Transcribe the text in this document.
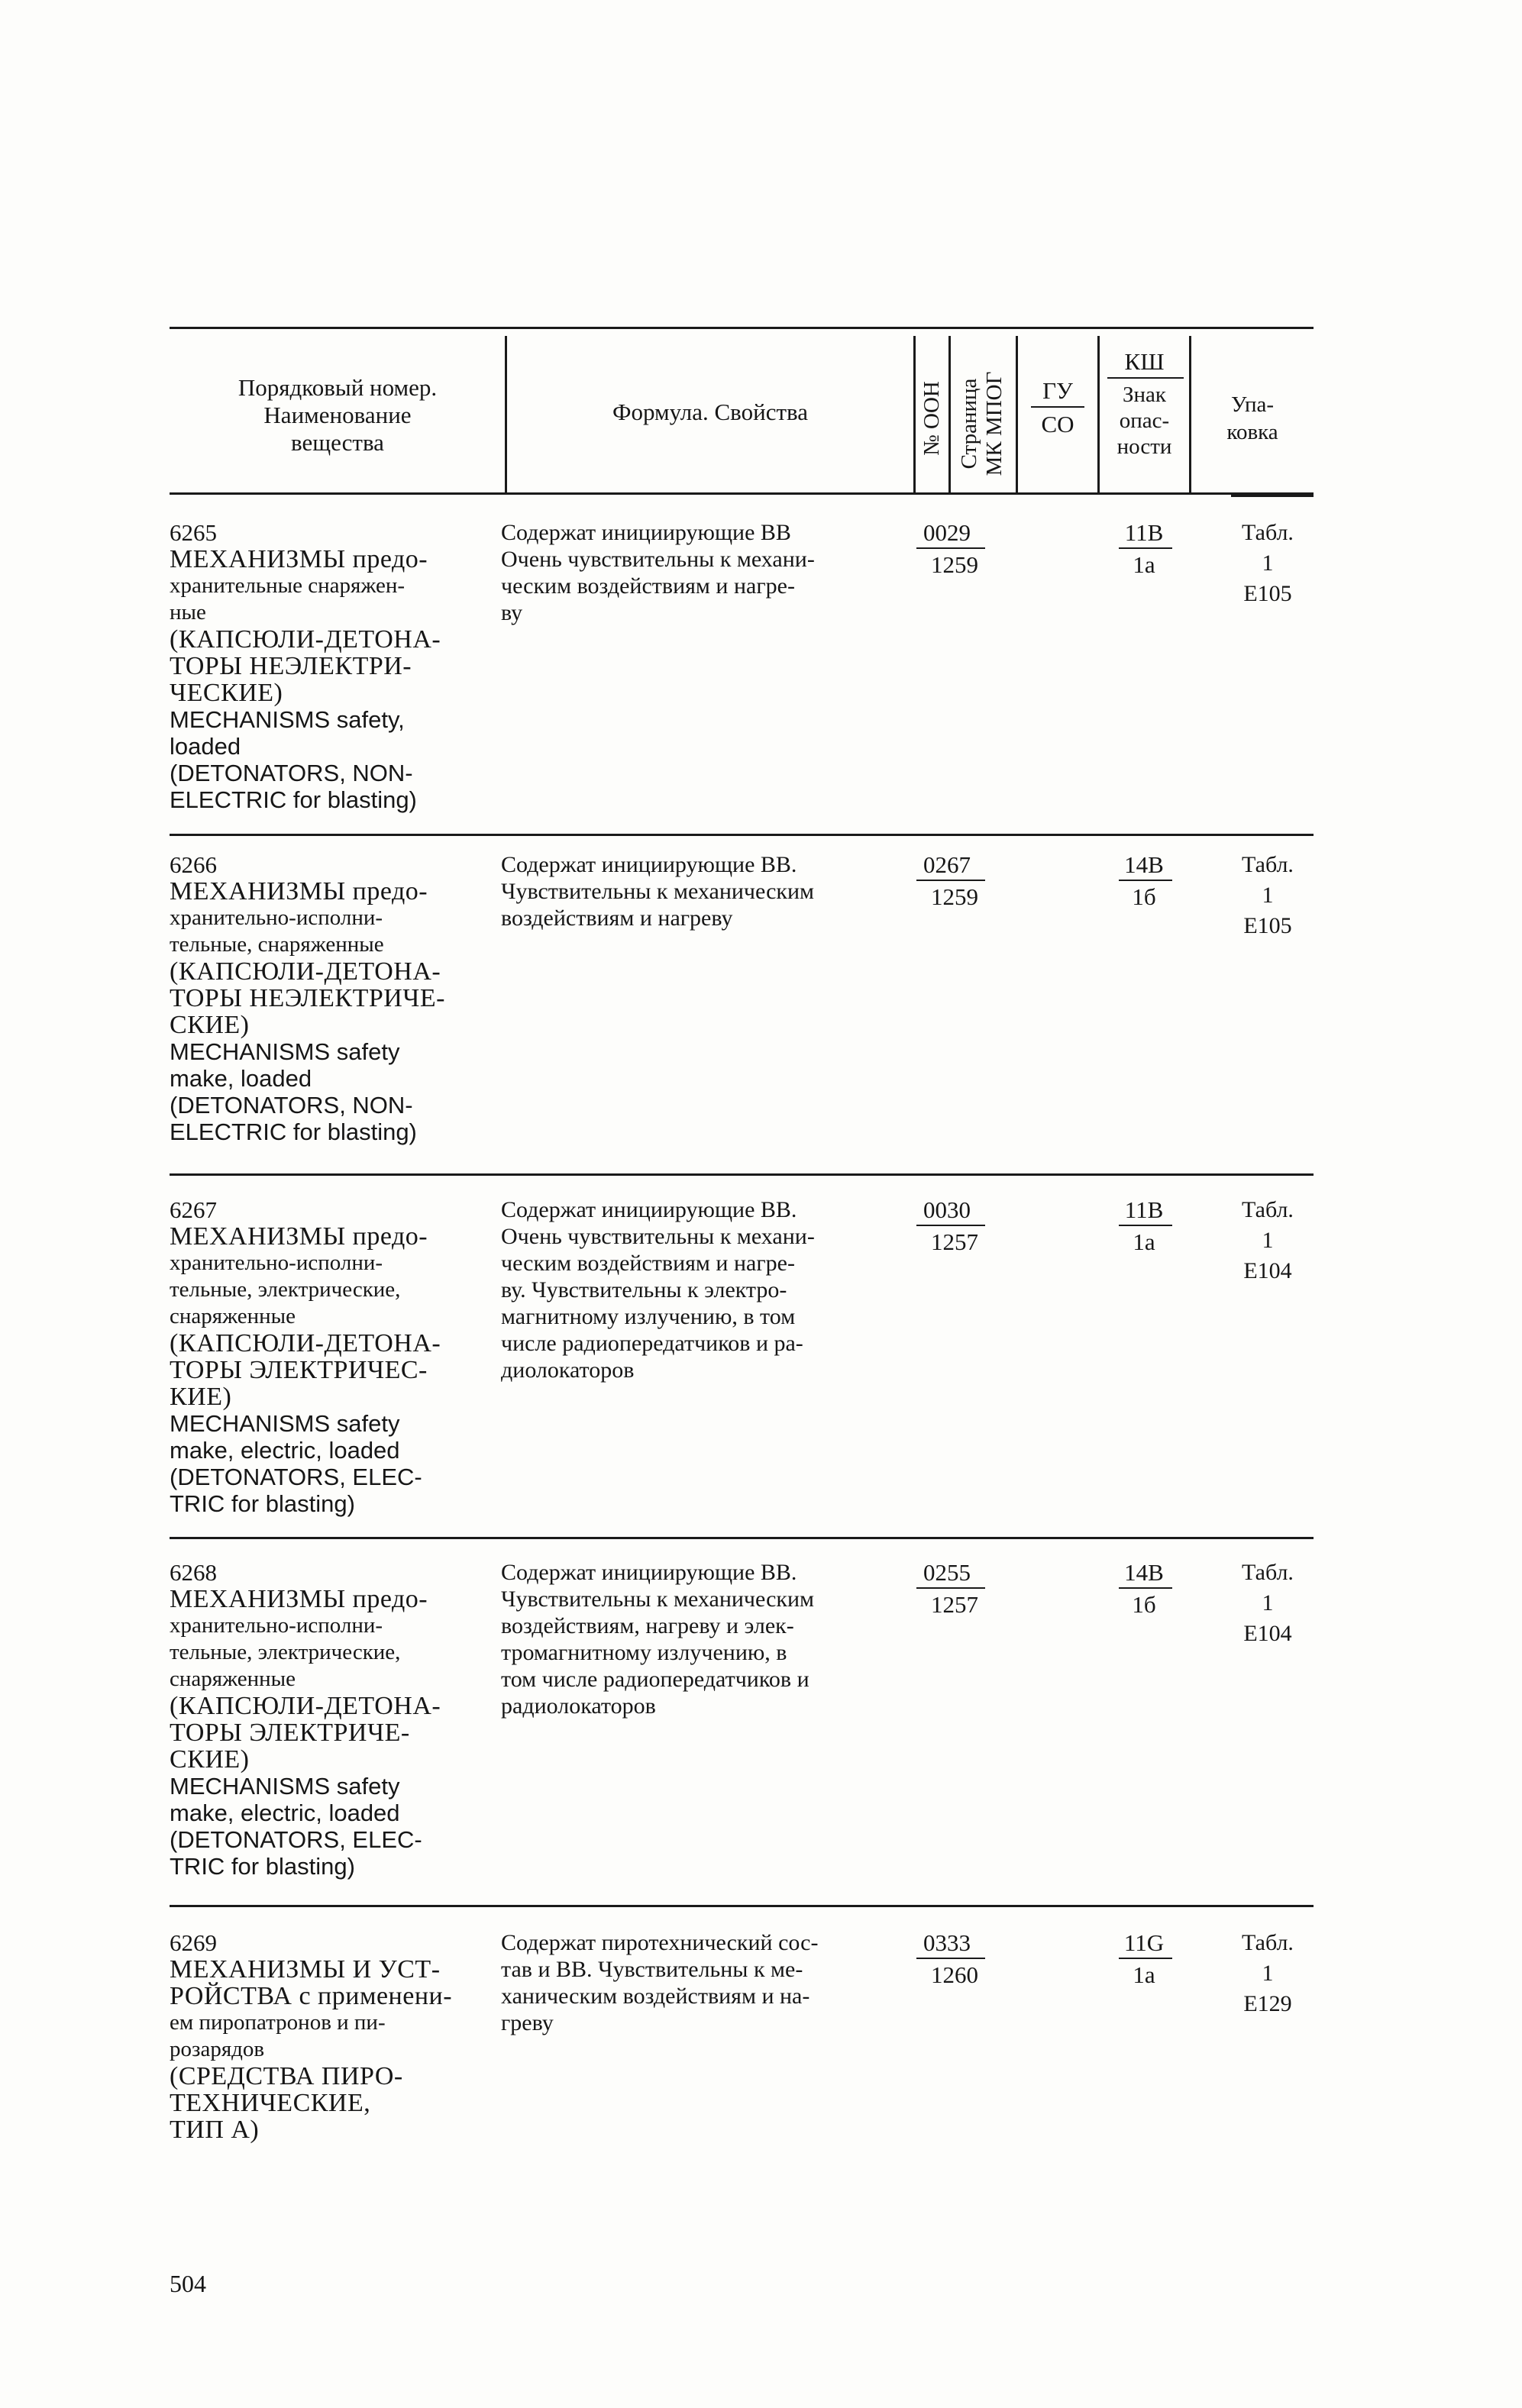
Порядковый номер.
Наименование
вещества
Формула. Свойства	№ ООН Страница МК МПОГ	ГУ
СО
КШ
Знак
опас-
ности
Упа-
ковка
6265
МЕХАНИЗМЫ предо-
хранительные снаряжен-
ные
(КАПСЮЛИ-ДЕТОНА-
ТОРЫ НЕЭЛЕКТРИ-
ЧЕСКИЕ)
MECHANISMS safety,
loaded
(DETONATORS, NON-
ELECTRIC for blasting)
Содержат инициирующие ВВ
Очень чувствительны к механи-
ческим воздействиям и нагре-
ву
0029
1259
11В
1а
Табл.
1
Е105
6266
МЕХАНИЗМЫ предо-
хранительно-исполни-
тельные, снаряженные
(КАПСЮЛИ-ДЕТОНА-
ТОРЫ НЕЭЛЕКТРИЧЕ-
СКИЕ)
MECHANISMS safety
make, loaded
(DETONATORS, NON-
ELECTRIC for blasting)
Содержат инициирующие ВВ.
Чувствительны к механическим
воздействиям и нагреву
0267
1259
14В
1б
Табл.
1
Е105
6267
МЕХАНИЗМЫ предо-
хранительно-исполни-
тельные, электрические,
снаряженные
(КАПСЮЛИ-ДЕТОНА-
ТОРЫ ЭЛЕКТРИЧЕС-
КИЕ)
MECHANISMS safety
make, electric, loaded
(DETONATORS, ELEC-
TRIC for blasting)
Содержат инициирующие ВВ.
Очень чувствительны к механи-
ческим воздействиям и нагре-
ву. Чувствительны к электро-
магнитному излучению, в том
числе радиопередатчиков и ра-
диолокаторов
0030
1257
11В
1а
Табл.
1
Е104
6268
МЕХАНИЗМЫ предо-
хранительно-исполни-
тельные, электрические,
снаряженные
(КАПСЮЛИ-ДЕТОНА-
ТОРЫ ЭЛЕКТРИЧЕ-
СКИЕ)
MECHANISMS safety
make, electric, loaded
(DETONATORS, ELEC-
TRIC for blasting)
Содержат инициирующие ВВ.
Чувствительны к механическим
воздействиям, нагреву и элек-
тромагнитному излучению, в
том числе радиопередатчиков и
радиолокаторов
0255
1257
14В
1б
Табл.
1
Е104
6269
МЕХАНИЗМЫ И УСТ-
РОЙСТВА с применени-
ем пиропатронов и пи-
розарядов
(СРЕДСТВА ПИРО-
ТЕХНИЧЕСКИЕ,
ТИП А)
Содержат пиротехнический сос-
тав и ВВ. Чувствительны к ме-
ханическим воздействиям и на-
греву
0333
1260
11G
1а
Табл.
1
Е129
504
